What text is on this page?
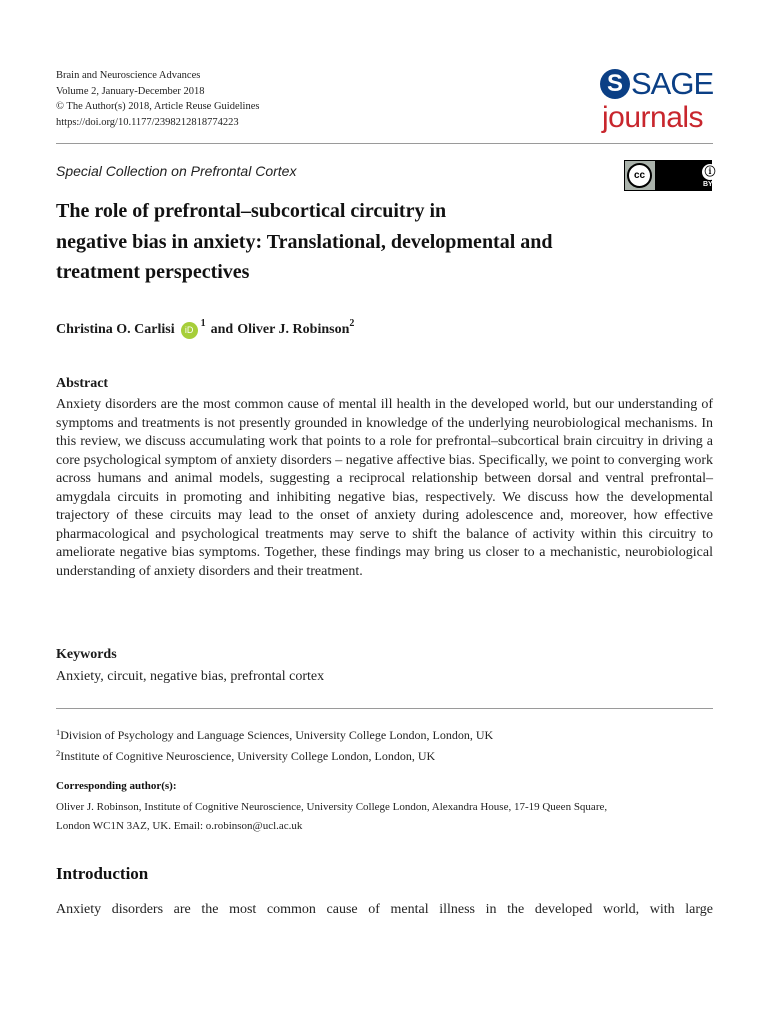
Brain and Neuroscience Advances
Volume 2, January-December 2018
© The Author(s) 2018, Article Reuse Guidelines
https://doi.org/10.1177/2398212818774223
S SAGE
journals
Special Collection on Prefrontal Cortex	cc	ⓘ
BY
The role of prefrontal–subcortical circuitry in
negative bias in anxiety: Translational, developmental and
treatment perspectives
Christina O. Carlisi	iD
$^1$ and Oliver J. Robinson$^2$
Abstract
Anxiety disorders are the most common cause of mental ill health in the developed world, but our understanding of symptoms and treatments is not presently grounded in knowledge of the underlying neurobiological mechanisms. In this review, we discuss accumulating work that points to a role for prefrontal–subcortical brain circuitry in driving a core psychological symptom of anxiety disorders – negative affective bias. Specifically, we point to converging work across humans and animal models, suggesting a reciprocal relationship between dorsal and ventral prefrontal–amygdala circuits in promoting and inhibiting negative bias, respectively. We discuss how the developmental trajectory of these circuits may lead to the onset of anxiety during adolescence and, moreover, how effective pharmacological and psychological treatments may serve to shift the balance of activity within this circuitry to ameliorate negative bias symptoms. Together, these findings may bring us closer to a mechanistic, neurobiological understanding of anxiety disorders and their treatment.
Keywords
Anxiety, circuit, negative bias, prefrontal cortex
$^1$Division of Psychology and Language Sciences, University College London, London, UK
$^2$Institute of Cognitive Neuroscience, University College London, London, UK
Corresponding author(s):
Oliver J. Robinson, Institute of Cognitive Neuroscience, University College London, Alexandra House, 17-19 Queen Square,
London WC1N 3AZ, UK. Email: o.robinson@ucl.ac.uk
Introduction
Anxiety disorders are the most common cause of mental illness in the developed world, with large
